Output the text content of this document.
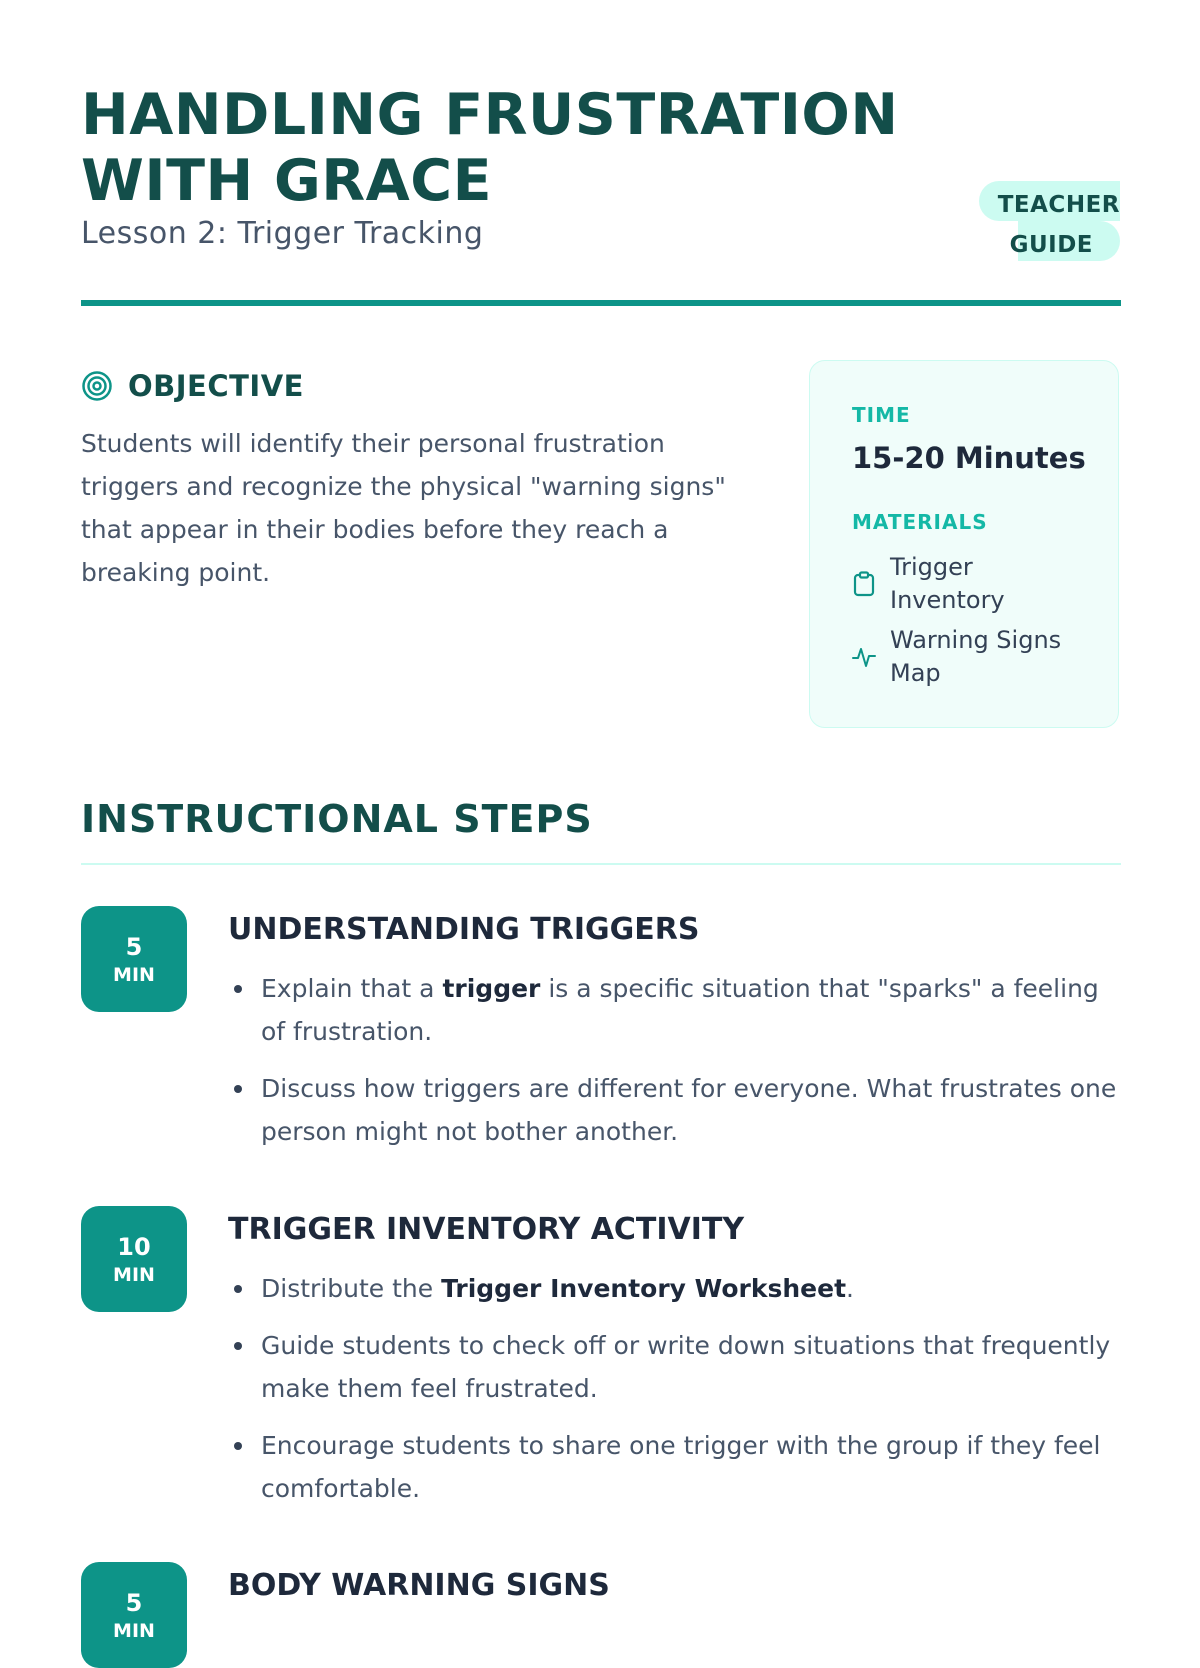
HANDLING FRUSTRATION
WITH GRACE
Lesson 2: Trigger Tracking
TEACHER
GUIDE
OBJECTIVE
Students will identify their personal frustration triggers and recognize the physical "warning signs" that appear in their bodies before they reach a breaking point.
TIME
15-20 Minutes
MATERIALS
Trigger Inventory
Warning Signs Map
INSTRUCTIONAL STEPS
5
MIN
UNDERSTANDING TRIGGERS
Explain that a trigger is a specific situation that "sparks" a feeling of frustration.
Discuss how triggers are different for everyone. What frustrates one person might not bother another.
10
MIN
TRIGGER INVENTORY ACTIVITY
Distribute the Trigger Inventory Worksheet.
Guide students to check off or write down situations that frequently make them feel frustrated.
Encourage students to share one trigger with the group if they feel comfortable.
5
MIN
BODY WARNING SIGNS
